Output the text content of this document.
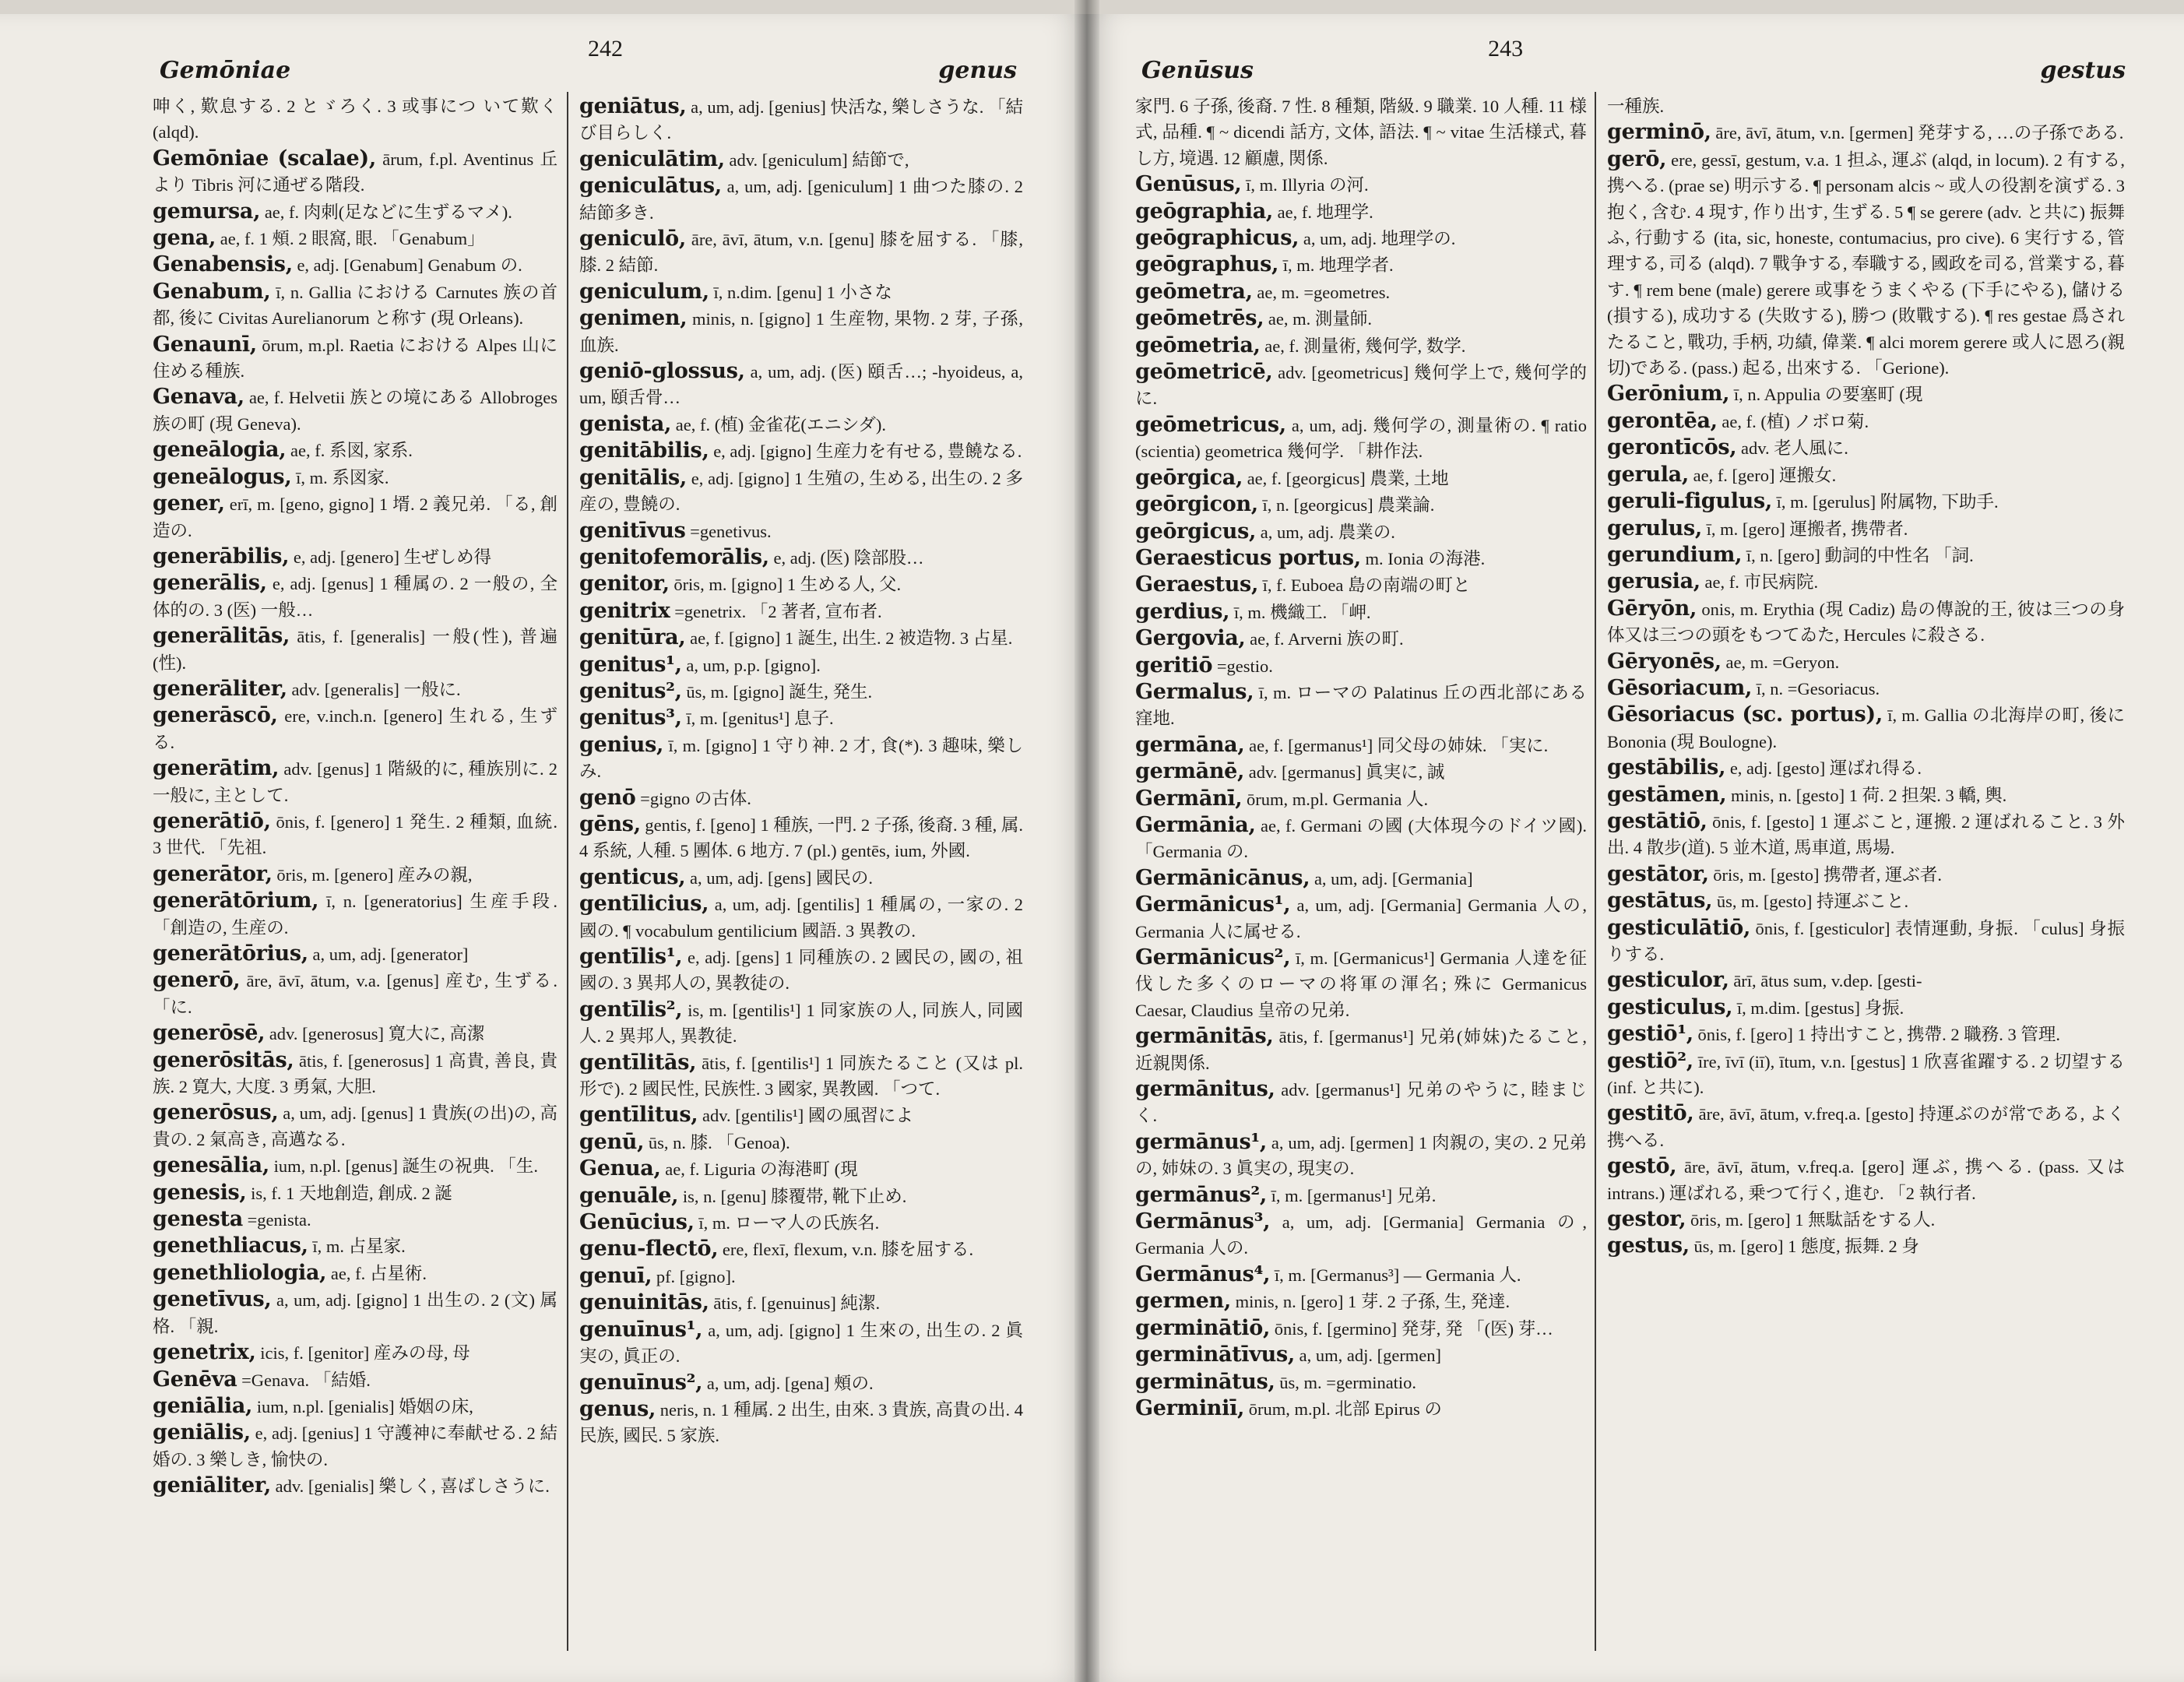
Gemōniae
242
genus
呻く, 歎息する. 2 とゞろく. 3 或事につ いて歎く (alqd).
Gemōniae (scalae), ārum, f.pl. Aventinus 丘より Tibris 河に通ぜる階段.
gemursa, ae, f. 肉刺(足などに生ずるマメ).
gena, ae, f. 1 頰. 2 眼窩, 眼. 「Genabum」
Genabensis, e, adj. [Genabum] Genabum の.
Genabum, ī, n. Gallia における Carnutes 族の首都, 後に Civitas Aurelianorum と称す (現 Orleans).
Genaunī, ōrum, m.pl. Raetia における Alpes 山に住める種族.
Genava, ae, f. Helvetii 族との境にある Allobroges 族の町 (現 Geneva).
geneālogia, ae, f. 系図, 家系.
geneālogus, ī, m. 系図家.
gener, erī, m. [geno, gigno] 1 壻. 2 義兄弟. 「る, 創造の.
generābilis, e, adj. [genero] 生ぜしめ得
generālis, e, adj. [genus] 1 種属の. 2 一般の, 全体的の. 3 (医) 一般…
generālitās, ātis, f. [generalis] 一般(性), 普遍(性).
generāliter, adv. [generalis] 一般に.
generāscō, ere, v.inch.n. [genero] 生れる, 生ずる.
generātim, adv. [genus] 1 階級的に, 種族別に. 2 一般に, 主として.
generātiō, ōnis, f. [genero] 1 発生. 2 種類, 血統. 3 世代. 「先祖.
generātor, ōris, m. [genero] 産みの親,
generātōrium, ī, n. [generatorius] 生産手段. 「創造の, 生産の.
generātōrius, a, um, adj. [generator]
generō, āre, āvī, ātum, v.a. [genus] 産む, 生ずる. 「に.
generōsē, adv. [generosus] 寛大に, 高潔
generōsitās, ātis, f. [generosus] 1 高貴, 善良, 貴族. 2 寛大, 大度. 3 勇氣, 大胆.
generōsus, a, um, adj. [genus] 1 貴族(の出)の, 高貴の. 2 氣高き, 高邁なる.
genesālia, ium, n.pl. [genus] 誕生の祝典. 「生.
genesis, is, f. 1 天地創造, 創成. 2 誕
genesta =genista.
genethliacus, ī, m. 占星家.
genethliologia, ae, f. 占星術.
genetīvus, a, um, adj. [gigno] 1 出生の. 2 (文) 属格. 「親.
genetrix, icis, f. [genitor] 産みの母, 母
Genēva =Genava. 「結婚.
geniālia, ium, n.pl. [genialis] 婚姻の床,
geniālis, e, adj. [genius] 1 守護神に奉献せる. 2 結婚の. 3 樂しき, 愉快の.
geniāliter, adv. [genialis] 樂しく, 喜ばしさうに.
geniātus, a, um, adj. [genius] 快活な, 樂しさうな. 「結び目らしく.
geniculātim, adv. [geniculum] 結節で,
geniculātus, a, um, adj. [geniculum] 1 曲つた膝の. 2 結節多き.
geniculō, āre, āvī, ātum, v.n. [genu] 膝を屈する. 「膝, 膝. 2 結節.
geniculum, ī, n.dim. [genu] 1 小さな
genimen, minis, n. [gigno] 1 生産物, 果物. 2 芽, 子孫, 血族.
geniō-glossus, a, um, adj. (医) 頤舌…; -hyoideus, a, um, 頤舌骨…
genista, ae, f. (植) 金雀花(エニシダ).
genitābilis, e, adj. [gigno] 生産力を有せる, 豊饒なる.
genitālis, e, adj. [gigno] 1 生殖の, 生める, 出生の. 2 多産の, 豊饒の.
genitīvus =genetivus.
genitofemorālis, e, adj. (医) 陰部股…
genitor, ōris, m. [gigno] 1 生める人, 父.
genitrix =genetrix. 「2 著者, 宣布者.
genitūra, ae, f. [gigno] 1 誕生, 出生. 2 被造物. 3 占星.
genitus¹, a, um, p.p. [gigno].
genitus², ūs, m. [gigno] 誕生, 発生.
genitus³, ī, m. [genitus¹] 息子.
genius, ī, m. [gigno] 1 守り神. 2 才, 食(*). 3 趣味, 樂しみ.
genō =gigno の古体.
gēns, gentis, f. [geno] 1 種族, 一門. 2 子孫, 後裔. 3 種, 属. 4 系統, 人種. 5 團体. 6 地方. 7 (pl.) gentēs, ium, 外國.
genticus, a, um, adj. [gens] 國民の.
gentīlicius, a, um, adj. [gentilis] 1 種属の, 一家の. 2 國の. ¶ vocabulum gentilicium 國語. 3 異教の.
gentīlis¹, e, adj. [gens] 1 同種族の. 2 國民の, 國の, 祖國の. 3 異邦人の, 異教徒の.
gentīlis², is, m. [gentilis¹] 1 同家族の人, 同族人, 同國人. 2 異邦人, 異教徒.
gentīlitās, ātis, f. [gentilis¹] 1 同族たること (又は pl. 形で). 2 國民性, 民族性. 3 國家, 異教國. 「つて.
gentīlitus, adv. [gentilis¹] 國の風習によ
genū, ūs, n. 膝. 「Genoa).
Genua, ae, f. Liguria の海港町 (現
genuāle, is, n. [genu] 膝覆帯, 靴下止め.
Genūcius, ī, m. ローマ人の氏族名.
genu-flectō, ere, flexī, flexum, v.n. 膝を屈する.
genuī, pf. [gigno].
genuinitās, ātis, f. [genuinus] 純潔.
genuīnus¹, a, um, adj. [gigno] 1 生來の, 出生の. 2 眞実の, 眞正の.
genuīnus², a, um, adj. [gena] 頰の.
genus, neris, n. 1 種属. 2 出生, 由來. 3 貴族, 高貴の出. 4 民族, 國民. 5 家族.
Genūsus
243
gestus
家門. 6 子孫, 後裔. 7 性. 8 種類, 階級. 9 職業. 10 人種. 11 様式, 品種. ¶ ~ dicendi 話方, 文体, 語法. ¶ ~ vitae 生活様式, 暮し方, 境遇. 12 顧慮, 関係.
Genūsus, ī, m. Illyria の河.
geōgraphia, ae, f. 地理学.
geōgraphicus, a, um, adj. 地理学の.
geōgraphus, ī, m. 地理学者.
geōmetra, ae, m. =geometres.
geōmetrēs, ae, m. 測量師.
geōmetria, ae, f. 測量術, 幾何学, 数学.
geōmetricē, adv. [geometricus] 幾何学上で, 幾何学的に.
geōmetricus, a, um, adj. 幾何学の, 測量術の. ¶ ratio (scientia) geometrica 幾何学. 「耕作法.
geōrgica, ae, f. [georgicus] 農業, 土地
geōrgicon, ī, n. [georgicus] 農業論.
geōrgicus, a, um, adj. 農業の.
Geraesticus portus, m. Ionia の海港.
Geraestus, ī, f. Euboea 島の南端の町と
gerdius, ī, m. 機織工. 「岬.
Gergovia, ae, f. Arverni 族の町.
geritiō =gestio.
Germalus, ī, m. ローマの Palatinus 丘の西北部にある窪地.
germāna, ae, f. [germanus¹] 同父母の姉妹. 「実に.
germānē, adv. [germanus] 眞実に, 誠
Germānī, ōrum, m.pl. Germania 人.
Germānia, ae, f. Germani の國 (大体現今のドイツ國). 「Germania の.
Germānicānus, a, um, adj. [Germania]
Germānicus¹, a, um, adj. [Germania] Germania 人の, Germania 人に属せる.
Germānicus², ī, m. [Germanicus¹] Germania 人達を征伐した多くのローマの将軍の渾名; 殊に Germanicus Caesar, Claudius 皇帝の兄弟.
germānitās, ātis, f. [germanus¹] 兄弟(姉妹)たること, 近親関係.
germānitus, adv. [germanus¹] 兄弟のやうに, 睦まじく.
germānus¹, a, um, adj. [germen] 1 肉親の, 実の. 2 兄弟の, 姉妹の. 3 眞実の, 現実の.
germānus², ī, m. [germanus¹] 兄弟.
Germānus³, a, um, adj. [Germania] Germania の, Germania 人の.
Germānus⁴, ī, m. [Germanus³] — Germania 人.
germen, minis, n. [gero] 1 芽. 2 子孫, 生, 発達.
germinātiō, ōnis, f. [germino] 発芽, 発 「(医) 芽…
germinātīvus, a, um, adj. [germen]
germinātus, ūs, m. =germinatio.
Germiniī, ōrum, m.pl. 北部 Epirus の
一種族.
germinō, āre, āvī, ātum, v.n. [germen] 発芽する, …の子孫である.
gerō, ere, gessī, gestum, v.a. 1 担ふ, 運ぶ (alqd, in locum). 2 有する, 携へる. (prae se) 明示する. ¶ personam alcis ~ 或人の役割を演ずる. 3 抱く, 含む. 4 現す, 作り出す, 生ずる. 5 ¶ se gerere (adv. と共に) 振舞ふ, 行動する (ita, sic, honeste, contumacius, pro cive). 6 実行する, 管理する, 司る (alqd). 7 戰争する, 奉職する, 國政を司る, 営業する, 暮す. ¶ rem bene (male) gerere 或事をうまくやる (下手にやる), 儲ける (損する), 成功する (失敗する), 勝つ (敗戰する). ¶ res gestae 爲されたること, 戰功, 手柄, 功績, 偉業. ¶ alci morem gerere 或人に恩ろ(親切)である. (pass.) 起る, 出來する. 「Gerione).
Gerōnium, ī, n. Appulia の要塞町 (現
gerontēa, ae, f. (植) ノボロ菊.
gerontīcōs, adv. 老人風に.
gerula, ae, f. [gero] 運搬女.
geruli-figulus, ī, m. [gerulus] 附属物, 下助手.
gerulus, ī, m. [gero] 運搬者, 携帶者.
gerundium, ī, n. [gero] 動詞的中性名 「詞.
gerusia, ae, f. 市民病院.
Gēryōn, onis, m. Erythia (現 Cadiz) 島の傳說的王, 彼は三つの身体又は三つの頭をもつてゐた, Hercules に殺さる.
Gēryonēs, ae, m. =Geryon.
Gēsoriacum, ī, n. =Gesoriacus.
Gēsoriacus (sc. portus), ī, m. Gallia の北海岸の町, 後に Bononia (現 Boulogne).
gestābilis, e, adj. [gesto] 運ばれ得る.
gestāmen, minis, n. [gesto] 1 荷. 2 担架. 3 轎, 輿.
gestātiō, ōnis, f. [gesto] 1 運ぶこと, 運搬. 2 運ばれること. 3 外出. 4 散步(道). 5 並木道, 馬車道, 馬場.
gestātor, ōris, m. [gesto] 携帶者, 運ぶ者.
gestātus, ūs, m. [gesto] 持運ぶこと.
gesticulātiō, ōnis, f. [gesticulor] 表情運動, 身振. 「culus] 身振りする.
gesticulor, ārī, ātus sum, v.dep. [gesti-
gesticulus, ī, m.dim. [gestus] 身振.
gestiō¹, ōnis, f. [gero] 1 持出すこと, 携帶. 2 職務. 3 管理.
gestiō², īre, īvī (iī), ītum, v.n. [gestus] 1 欣喜雀躍する. 2 切望する (inf. と共に).
gestitō, āre, āvī, ātum, v.freq.a. [gesto] 持運ぶのが常である, よく携へる.
gestō, āre, āvī, ātum, v.freq.a. [gero] 運ぶ, 携へる. (pass. 又は intrans.) 運ばれる, 乗つて行く, 進む. 「2 執行者.
gestor, ōris, m. [gero] 1 無駄話をする人.
gestus, ūs, m. [gero] 1 態度, 振舞. 2 身
